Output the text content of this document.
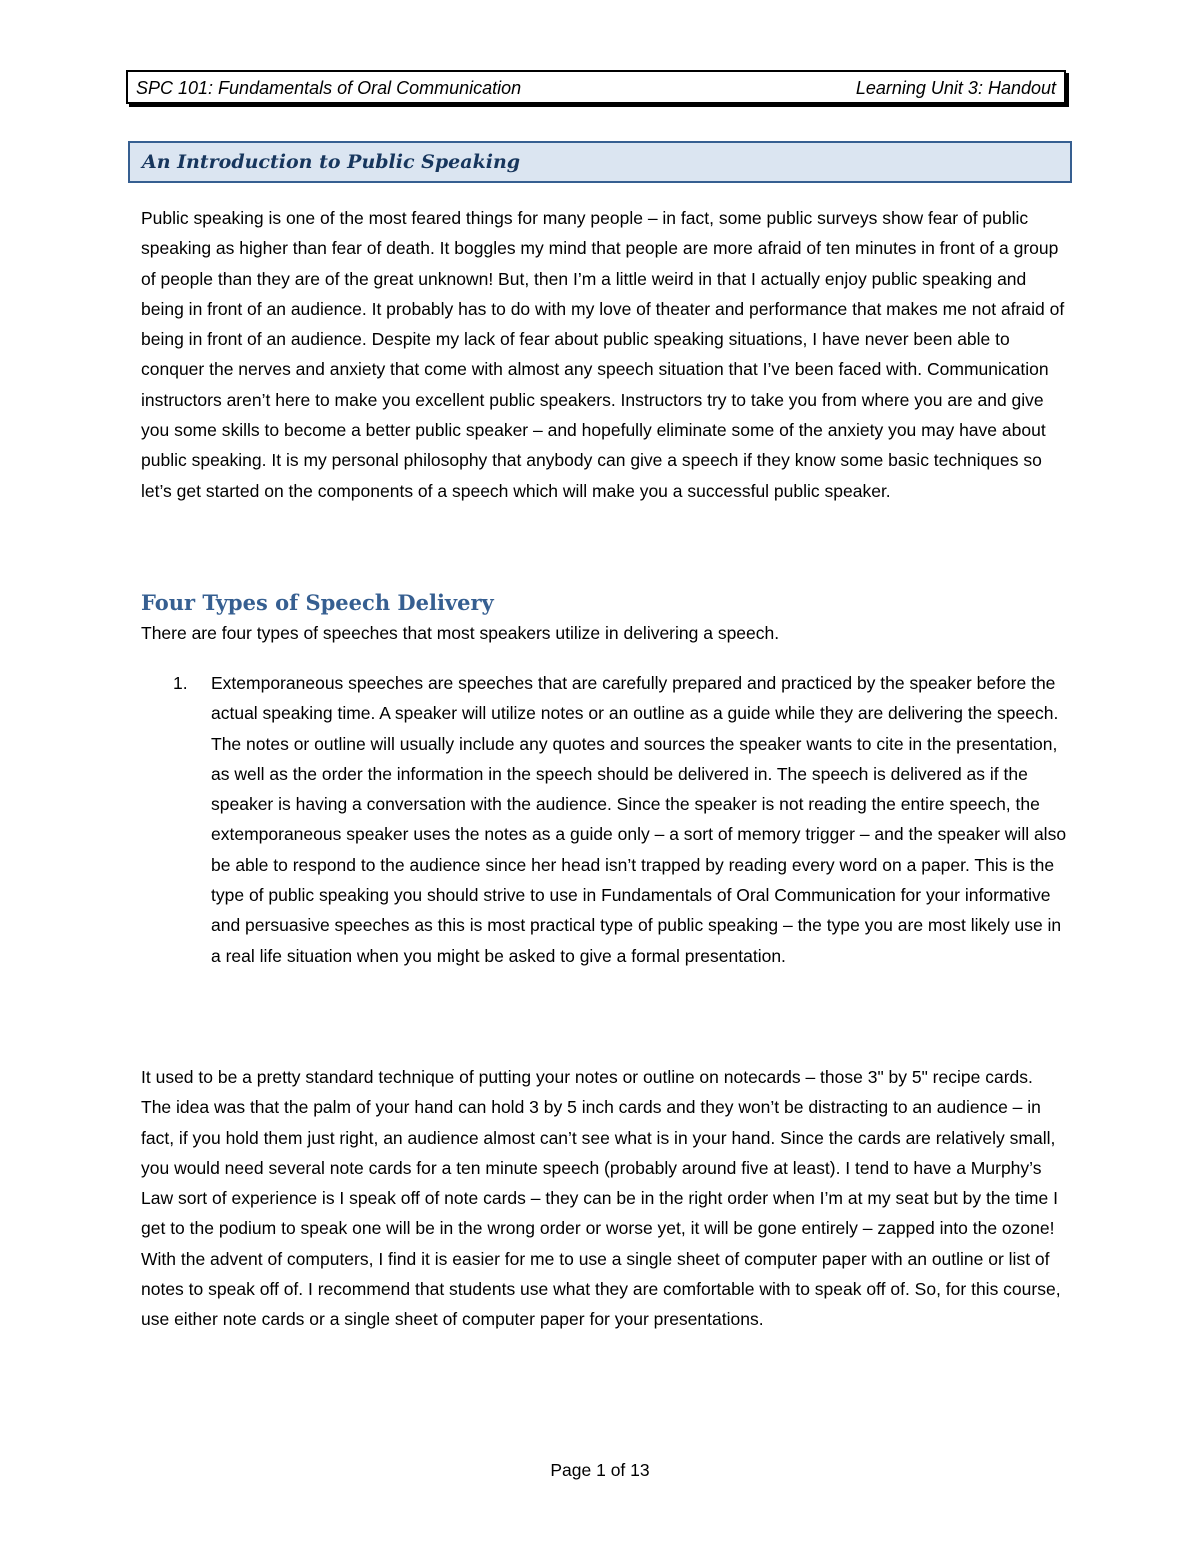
SPC 101: Fundamentals of Oral Communication	Learning Unit 3: Handout
An Introduction to Public Speaking

Public speaking is one of the most feared things for many people – in fact, some public surveys show fear of public speaking as higher than fear of death. It boggles my mind that people are more afraid of ten minutes in front of a group of people than they are of the great unknown! But, then I’m a little weird in that I actually enjoy public speaking and being in front of an audience. It probably has to do with my love of theater and performance that makes me not afraid of being in front of an audience. Despite my lack of fear about public speaking situations, I have never been able to conquer the nerves and anxiety that come with almost any speech situation that I’ve been faced with. Communication instructors aren’t here to make you excellent public speakers. Instructors try to take you from where you are and give you some skills to become a better public speaker – and hopefully eliminate some of the anxiety you may have about public speaking. It is my personal philosophy that anybody can give a speech if they know some basic techniques so let’s get started on the components of a speech which will make you a successful public speaker.

Four Types of Speech Delivery

There are four types of speeches that most speakers utilize in delivering a speech.

1. Extemporaneous speeches are speeches that are carefully prepared and practiced by the speaker before the actual speaking time. A speaker will utilize notes or an outline as a guide while they are delivering the speech. The notes or outline will usually include any quotes and sources the speaker wants to cite in the presentation, as well as the order the information in the speech should be delivered in. The speech is delivered as if the speaker is having a conversation with the audience. Since the speaker is not reading the entire speech, the extemporaneous speaker uses the notes as a guide only – a sort of memory trigger – and the speaker will also be able to respond to the audience since her head isn’t trapped by reading every word on a paper. This is the type of public speaking you should strive to use in Fundamentals of Oral Communication for your informative and persuasive speeches as this is most practical type of public speaking – the type you are most likely use in a real life situation when you might be asked to give a formal presentation.

It used to be a pretty standard technique of putting your notes or outline on notecards – those 3" by 5" recipe cards. The idea was that the palm of your hand can hold 3 by 5 inch cards and they won’t be distracting to an audience – in fact, if you hold them just right, an audience almost can’t see what is in your hand. Since the cards are relatively small, you would need several note cards for a ten minute speech (probably around five at least). I tend to have a Murphy’s Law sort of experience is I speak off of note cards – they can be in the right order when I’m at my seat but by the time I get to the podium to speak one will be in the wrong order or worse yet, it will be gone entirely – zapped into the ozone! With the advent of computers, I find it is easier for me to use a single sheet of computer paper with an outline or list of notes to speak off of. I recommend that students use what they are comfortable with to speak off of. So, for this course, use either note cards or a single sheet of computer paper for your presentations.

Page 1 of 13
